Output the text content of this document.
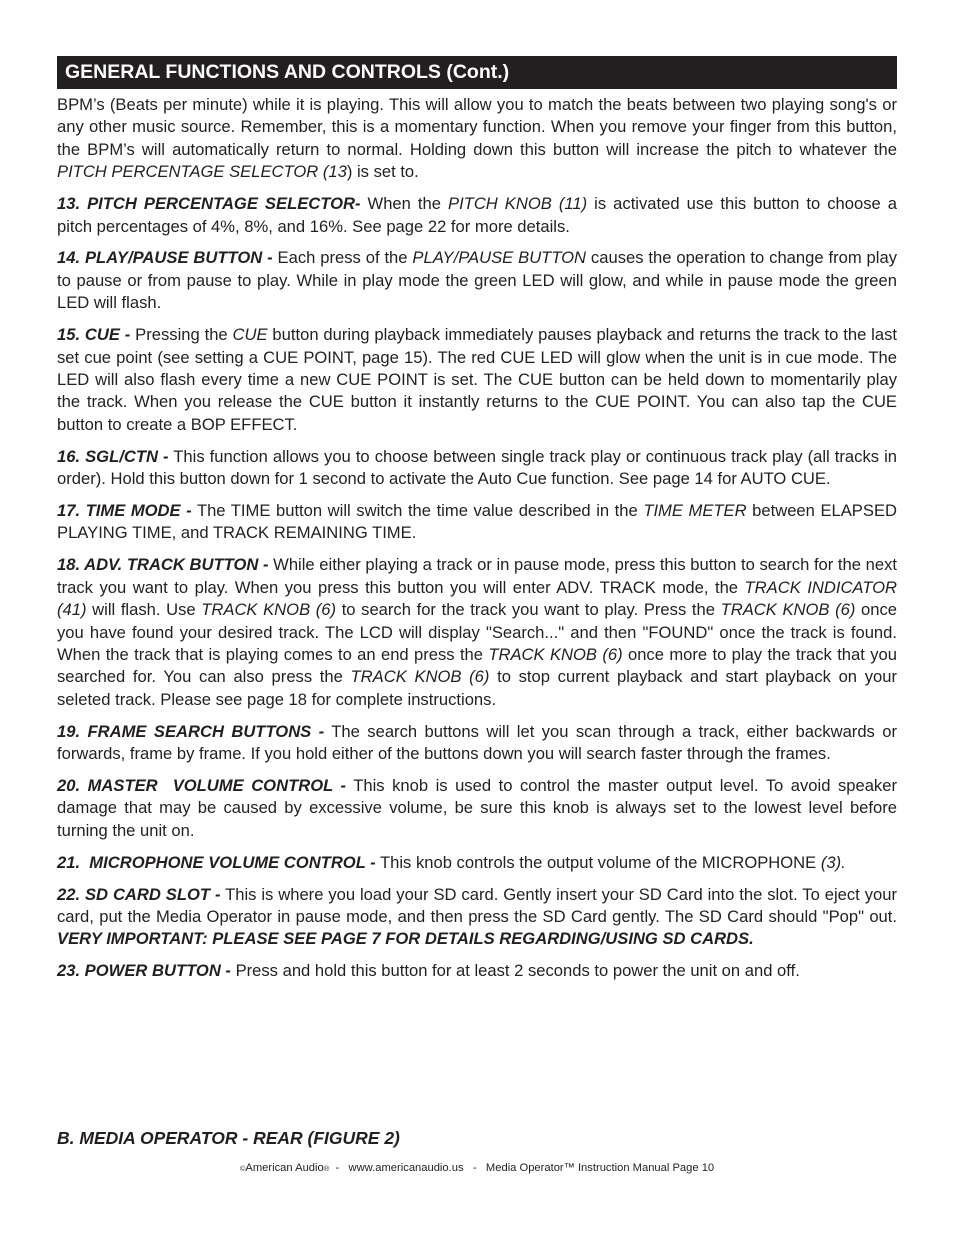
GENERAL FUNCTIONS AND CONTROLS (Cont.)

BPM’s (Beats per minute) while it is playing. This will allow you to match the beats between two playing song's or any other music source. Remember, this is a momentary function. When you remove your finger from this button, the BPM’s will automatically return to normal. Holding down this button will increase the pitch to whatever the PITCH PERCENTAGE SELECTOR (13) is set to.

13. PITCH PERCENTAGE SELECTOR- When the PITCH KNOB (11) is activated use this button to choose a pitch percentages of 4%, 8%, and 16%. See page 22 for more details.

14. PLAY/PAUSE BUTTON - Each press of the PLAY/PAUSE BUTTON causes the operation to change from play to pause or from pause to play. While in play mode the green LED will glow, and while in pause mode the green LED will flash.

15. CUE - Pressing the CUE button during playback immediately pauses playback and returns the track to the last set cue point (see setting a CUE POINT, page 15). The red CUE LED will glow when the unit is in cue mode. The LED will also flash every time a new CUE POINT is set. The CUE button can be held down to momentarily play the track. When you release the CUE button it instantly returns to the CUE POINT. You can also tap the CUE button to create a BOP EFFECT.

16. SGL/CTN - This function allows you to choose between single track play or continuous track play (all tracks in order). Hold this button down for 1 second to activate the Auto Cue function. See page 14 for AUTO CUE.

17. TIME MODE - The TIME button will switch the time value described in the TIME METER between ELAPSED PLAYING TIME, and TRACK REMAINING TIME.

18. ADV. TRACK BUTTON - While either playing a track or in pause mode, press this button to search for the next track you want to play. When you press this button you will enter ADV. TRACK mode, the TRACK INDICATOR (41) will flash. Use TRACK KNOB (6) to search for the track you want to play. Press the TRACK KNOB (6) once you have found your desired track. The LCD will display "Search..." and then "FOUND" once the track is found. When the track that is playing comes to an end press the TRACK KNOB (6) once more to play the track that you searched for. You can also press the TRACK KNOB (6) to stop current playback and start playback on your seleted track. Please see page 18 for complete instructions.

19. FRAME SEARCH BUTTONS - The search buttons will let you scan through a track, either backwards or forwards, frame by frame. If you hold either of the buttons down you will search faster through the frames.

20. MASTER  VOLUME CONTROL - This knob is used to control the master output level. To avoid speaker damage that may be caused by excessive volume, be sure this knob is always set to the lowest level before turning the unit on.

21.  MICROPHONE VOLUME CONTROL - This knob controls the output volume of the MICROPHONE (3).

22. SD CARD SLOT - This is where you load your SD card. Gently insert your SD Card into the slot. To eject your card, put the Media Operator in pause mode, and then press the SD Card gently. The SD Card should "Pop" out. VERY IMPORTANT: PLEASE SEE PAGE 7 FOR DETAILS REGARDING/USING SD CARDS.

23. POWER BUTTON - Press and hold this button for at least 2 seconds to power the unit on and off.

B. MEDIA OPERATOR - REAR (FIGURE 2)
©American Audio®  -   www.americanaudio.us   -   Media Operator™ Instruction Manual Page 10
